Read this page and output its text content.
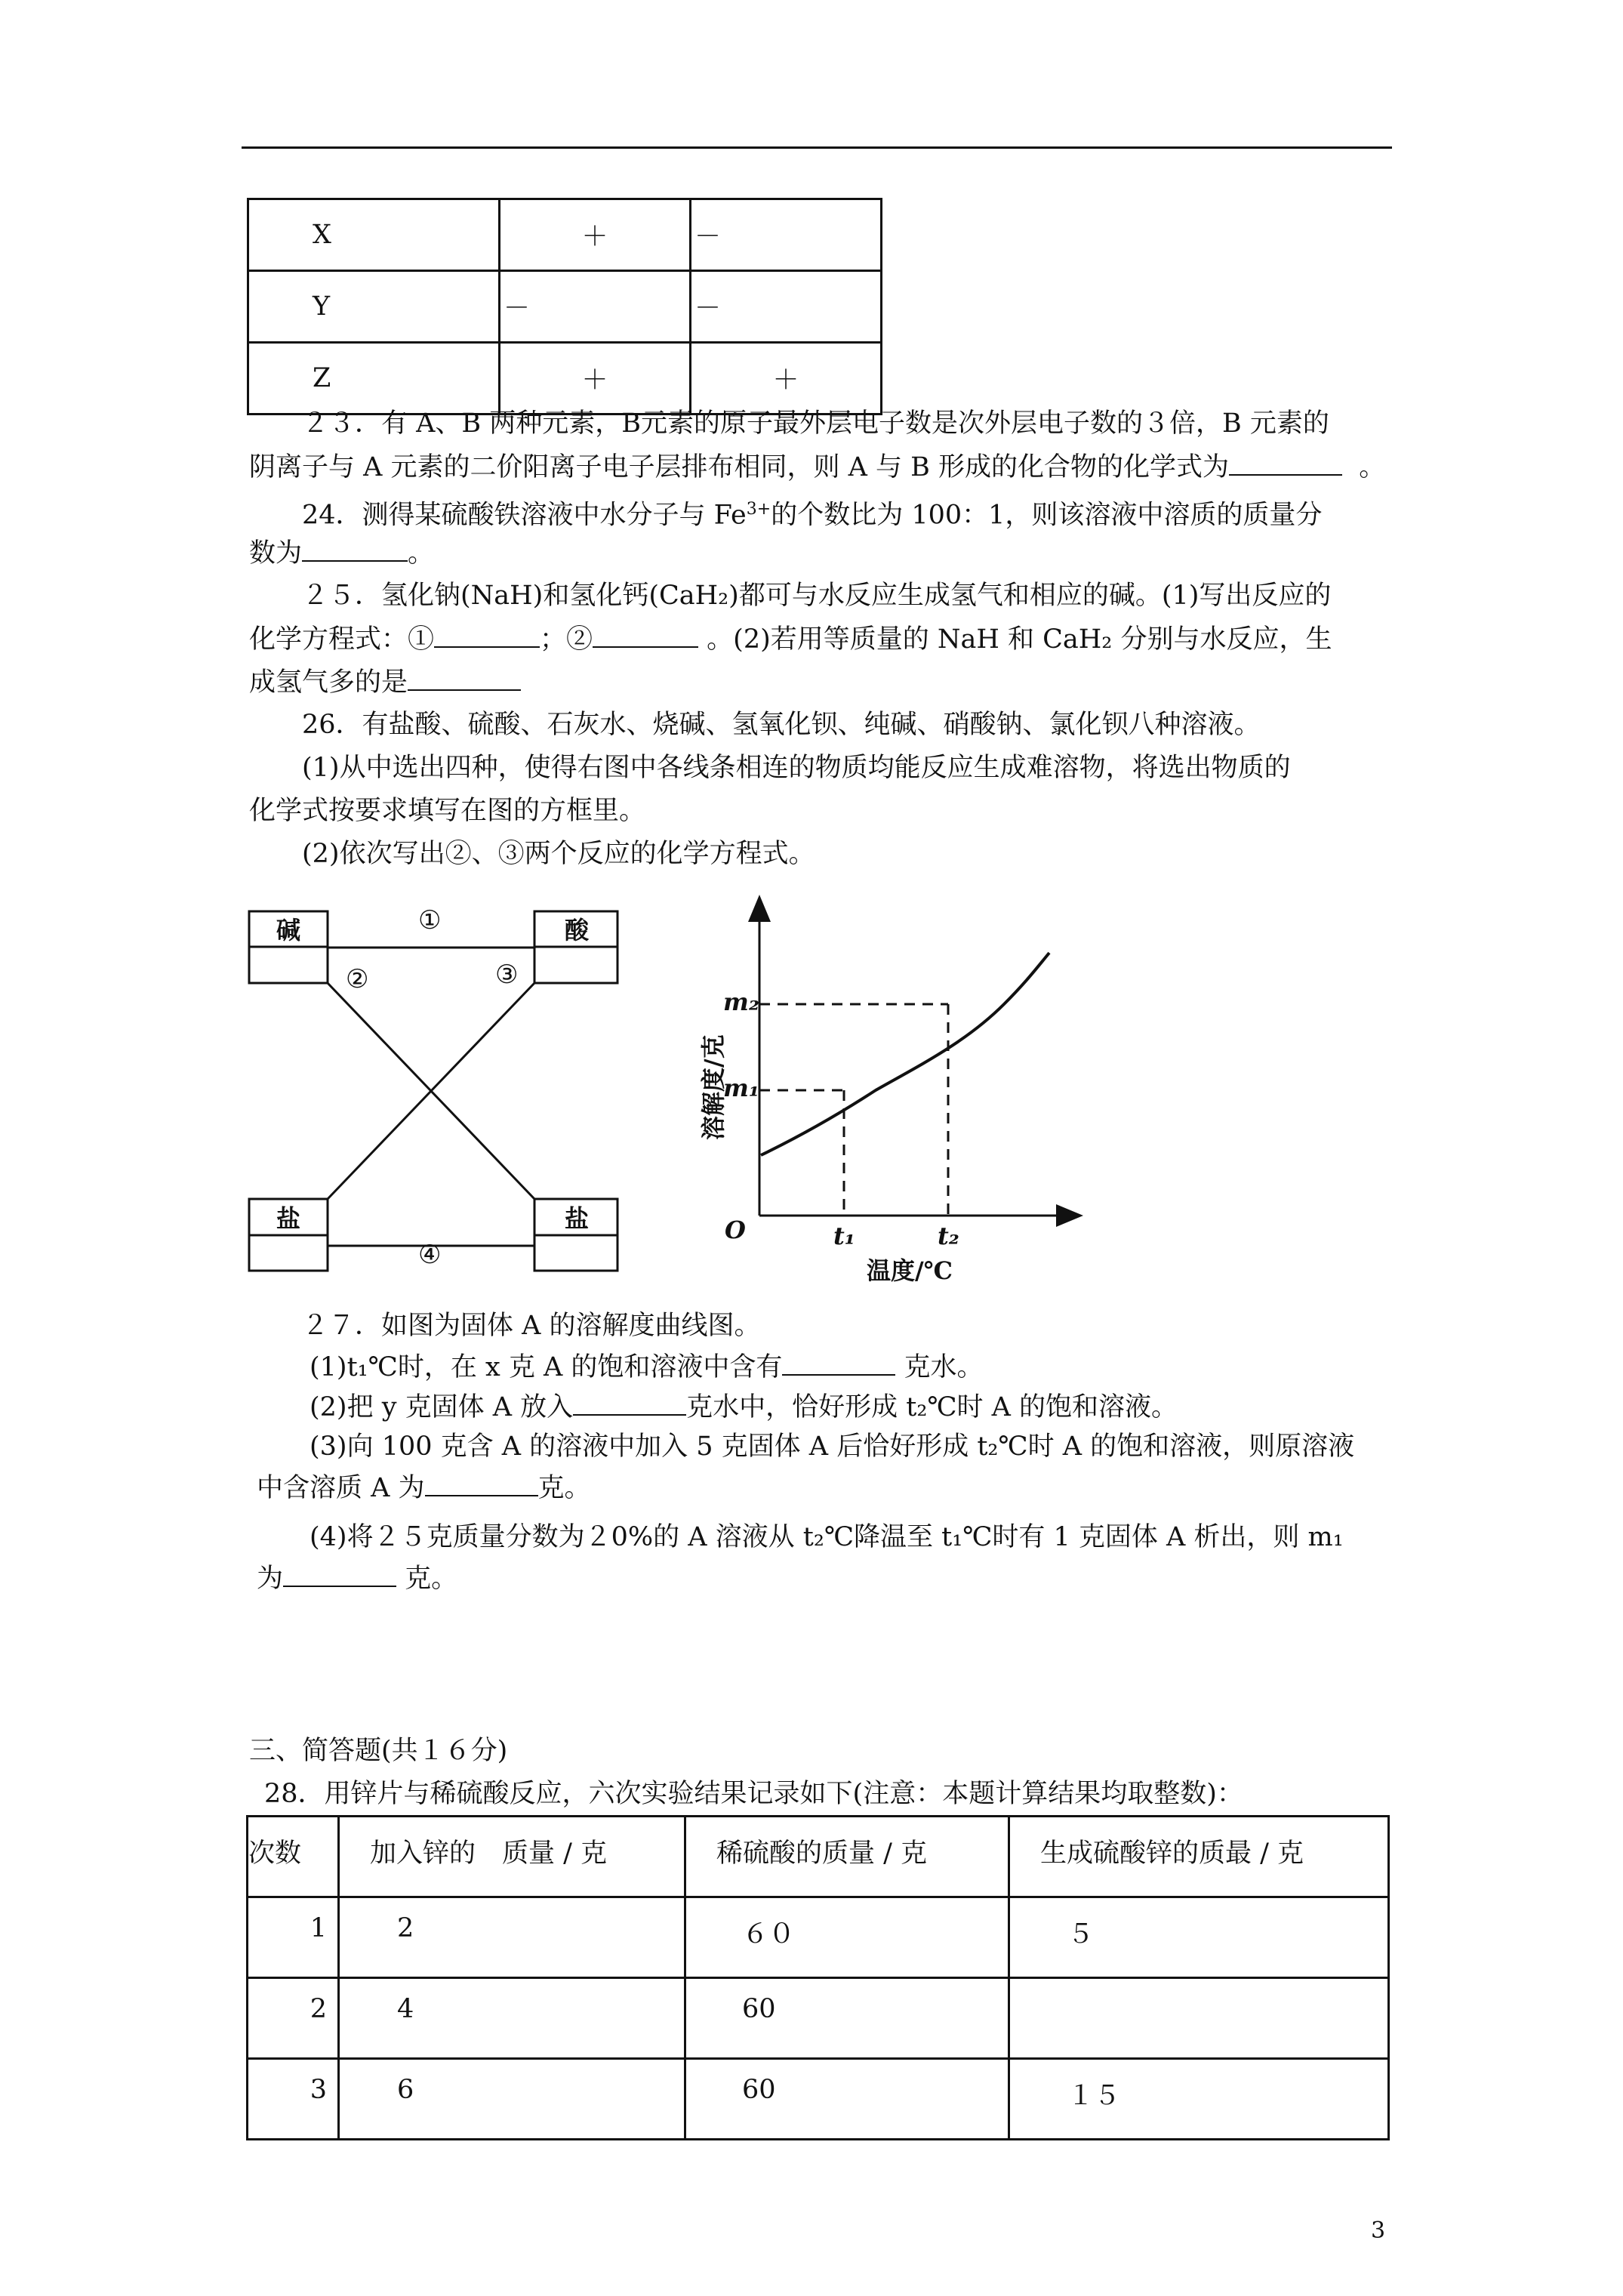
X	＋	－
Y	－	－
Z	＋	＋
２３．有 A、B 两种元素，B元素的原子最外层电子数是次外层电子数的３倍，B 元素的
阴离子与 A 元素的二价阳离子电子层排布相同，则 A 与 B 形成的化合物的化学式为	。
24．测得某硫酸铁溶液中水分子与 $Fe^{3+}$的个数比为 100：1，则该溶液中溶质的质量分
数为	。
２５．氢化钠(NaH)和氢化钙(CaH₂)都可与水反应生成氢气和相应的碱。(1)写出反应的
化学方程式：①	；②	。(2)若用等质量的 NaH 和 CaH₂ 分别与水反应，生
成氢气多的是
26．有盐酸、硫酸、石灰水、烧碱、氢氧化钡、纯碱、硝酸钠、氯化钡八种溶液。
(1)从中选出四种，使得右图中各线条相连的物质均能反应生成难溶物，将选出物质的
化学式按要求填写在图的方框里。
(2)依次写出②、③两个反应的化学方程式。
碱	酸
盐	盐
①
②	③
④
m₂
m₁
O	t₁	t₂
溶解度/克
温度/℃
２７．如图为固体 A 的溶解度曲线图。
(1)t₁℃时，在 x 克 A 的饱和溶液中含有	克水。
(2)把 y 克固体 A 放入	克水中，恰好形成 t₂℃时 A 的饱和溶液。
(3)向 100 克含 A 的溶液中加入 5 克固体 A 后恰好形成 t₂℃时 A 的饱和溶液，则原溶液
中含溶质 A 为	克。
(4)将２５克质量分数为２0%的 A 溶液从 t₂℃降温至 t₁℃时有 1 克固体 A 析出，则 m₁
为	克。
三、简答题(共１６分)
28．用锌片与稀硫酸反应，六次实验结果记录如下(注意：本题计算结果均取整数)：
次数	加入锌的　质量 / 克	稀硫酸的质量 / 克	生成硫酸锌的质最 / 克
1	2	６０	５
2	4	60	
3	6	60	１５
3
